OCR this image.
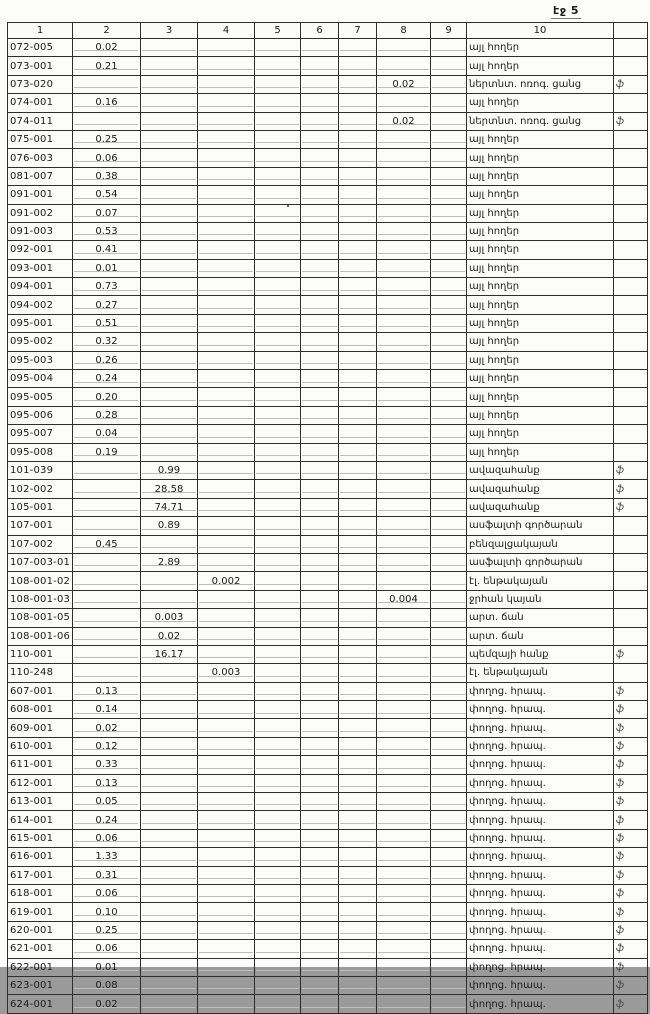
էջ 5
1	2	3	4	5	6	7	8	9	10	
072-005	0.02								այլ հողեր	
073-001	0.21								այլ հողեր	
073-020							0.02		ներտնտ. ոռոգ. ցանց	ֆ
074-001	0.16								այլ հողեր	
074-011							0.02		ներտնտ. ոռոգ. ցանց	ֆ
075-001	0.25								այլ հողեր	
076-003	0.06								այլ հողեր	
081-007	0.38								այլ հողեր	
091-001	0.54								այլ հողեր	
091-002	0.07								այլ հողեր	
091-003	0.53								այլ հողեր	
092-001	0.41								այլ հողեր	
093-001	0.01								այլ հողեր	
094-001	0.73								այլ հողեր	
094-002	0.27								այլ հողեր	
095-001	0.51								այլ հողեր	
095-002	0.32								այլ հողեր	
095-003	0.26								այլ հողեր	
095-004	0.24								այլ հողեր	
095-005	0.20								այլ հողեր	
095-006	0.28								այլ հողեր	
095-007	0.04								այլ հողեր	
095-008	0.19								այլ հողեր	
101-039		0.99							ավազահանք	ֆ
102-002		28.58							ավազահանք	ֆ
105-001		74.71							ավազահանք	ֆ
107-001		0.89							ասֆալտի գործարան	
107-002	0.45								բենզալցակայան	
107-003-01		2.89							ասֆալտի գործարան	
108-001-02			0.002						էլ. ենթակայան	
108-001-03							0.004		ջրհան կայան	
108-001-05		0.003							արտ. ճան	
108-001-06		0.02							արտ. ճան	
110-001		16.17							պեմզայի հանք	ֆ
110-248			0.003						էլ. ենթակայան	
607-001	0.13								փողոց. հրապ.	ֆ
608-001	0.14								փողոց. հրապ.	ֆ
609-001	0.02								փողոց. հրապ.	ֆ
610-001	0.12								փողոց. հրապ.	ֆ
611-001	0.33								փողոց. հրապ.	ֆ
612-001	0.13								փողոց. հրապ.	ֆ
613-001	0.05								փողոց. հրապ.	ֆ
614-001	0.24								փողոց. հրապ.	ֆ
615-001	0.06								փողոց. հրապ.	ֆ
616-001	1.33								փողոց. հրապ.	ֆ
617-001	0.31								փողոց. հրապ.	ֆ
618-001	0.06								փողոց. հրապ.	ֆ
619-001	0.10								փողոց. հրապ.	ֆ
620-001	0.25								փողոց. հրապ.	ֆ
621-001	0.06								փողոց. հրապ.	ֆ
622-001	0.01								փողոց. հրապ.	ֆ
623-001	0.08								փողոց. հրապ.	ֆ
624-001	0.02								փողոց. հրապ.	ֆ
